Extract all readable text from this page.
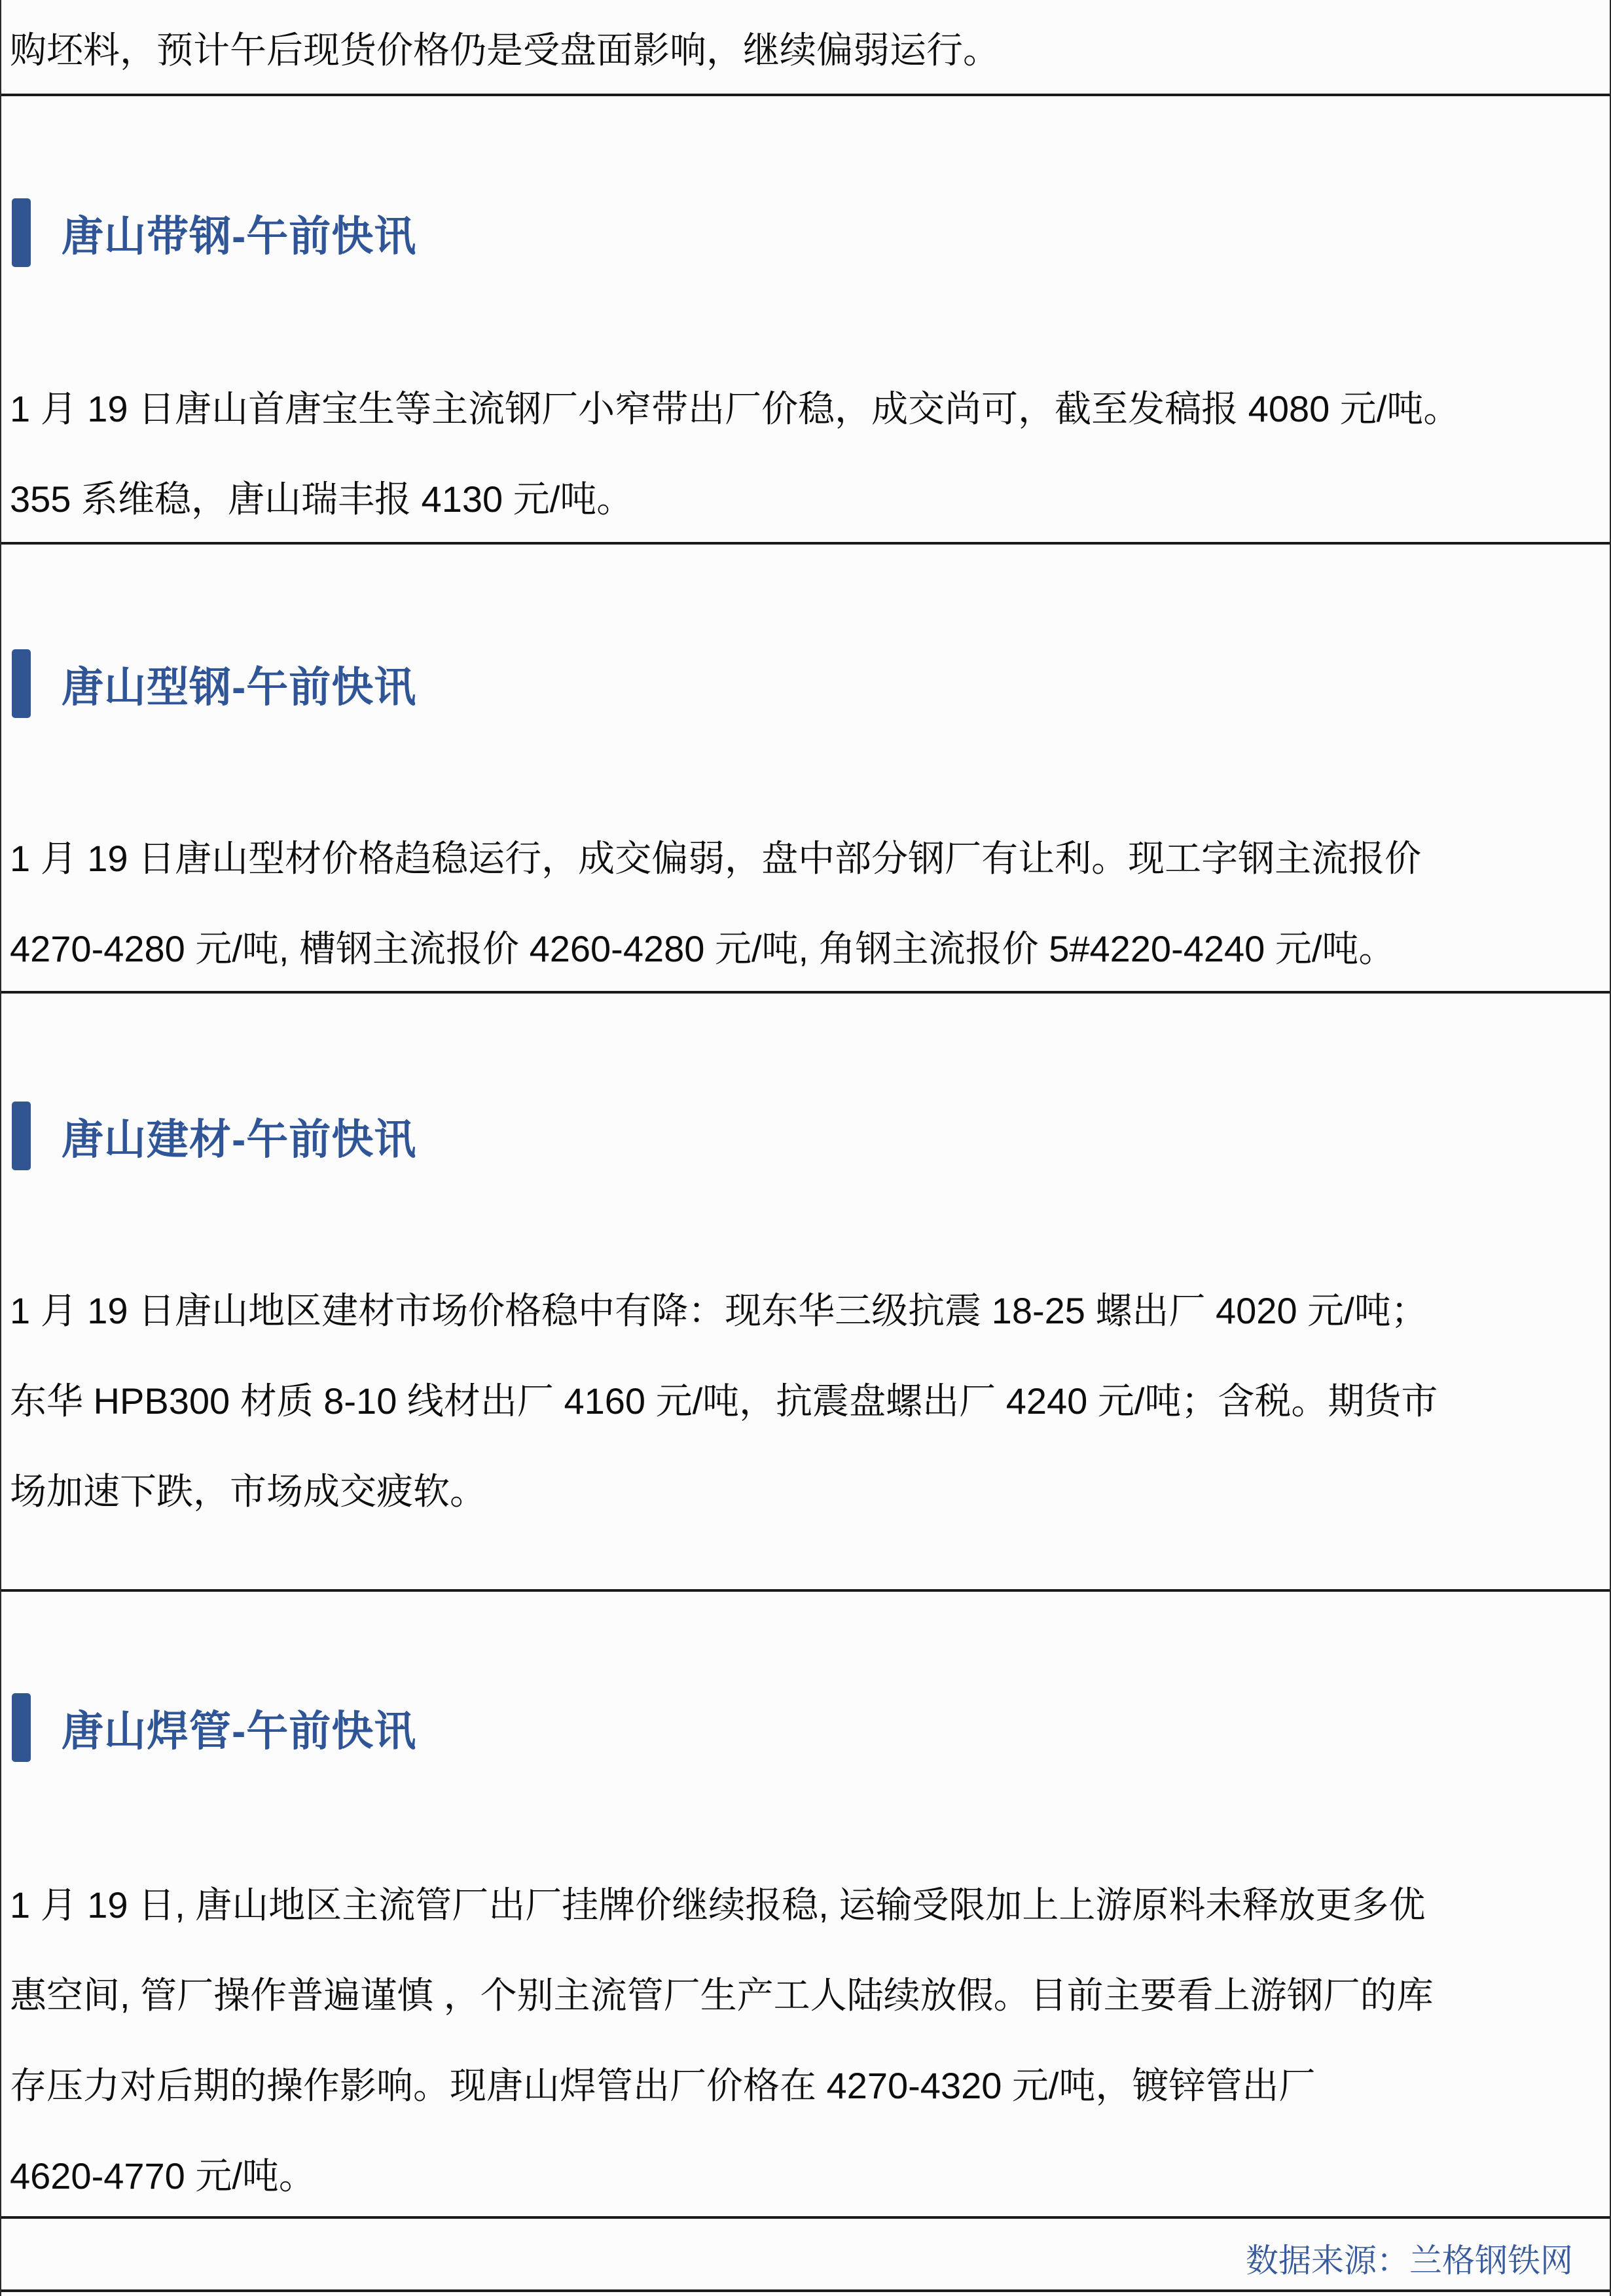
购坯料，预计午后现货价格仍是受盘面影响，继续偏弱运行。
唐山带钢-午前快讯
1 月 19 日唐山首唐宝生等主流钢厂小窄带出厂价稳，成交尚可，截至发稿报 4080 元/吨。
355 系维稳，唐山瑞丰报 4130 元/吨。
唐山型钢-午前快讯
1 月 19 日唐山型材价格趋稳运行，成交偏弱，盘中部分钢厂有让利。现工字钢主流报价
4270-4280 元/吨, 槽钢主流报价 4260-4280 元/吨, 角钢主流报价 5#4220-4240 元/吨。
唐山建材-午前快讯
1 月 19 日唐山地区建材市场价格稳中有降：现东华三级抗震 18-25 螺出厂 4020 元/吨；
东华 HPB300 材质 8-10 线材出厂 4160 元/吨，抗震盘螺出厂 4240 元/吨；含税。期货市
场加速下跌，市场成交疲软。
唐山焊管-午前快讯
1 月 19 日, 唐山地区主流管厂出厂挂牌价继续报稳, 运输受限加上上游原料未释放更多优
惠空间, 管厂操作普遍谨慎 ，个别主流管厂生产工人陆续放假。目前主要看上游钢厂的库
存压力对后期的操作影响。现唐山焊管出厂价格在 4270-4320 元/吨，镀锌管出厂
4620-4770 元/吨。
数据来源：兰格钢铁网
